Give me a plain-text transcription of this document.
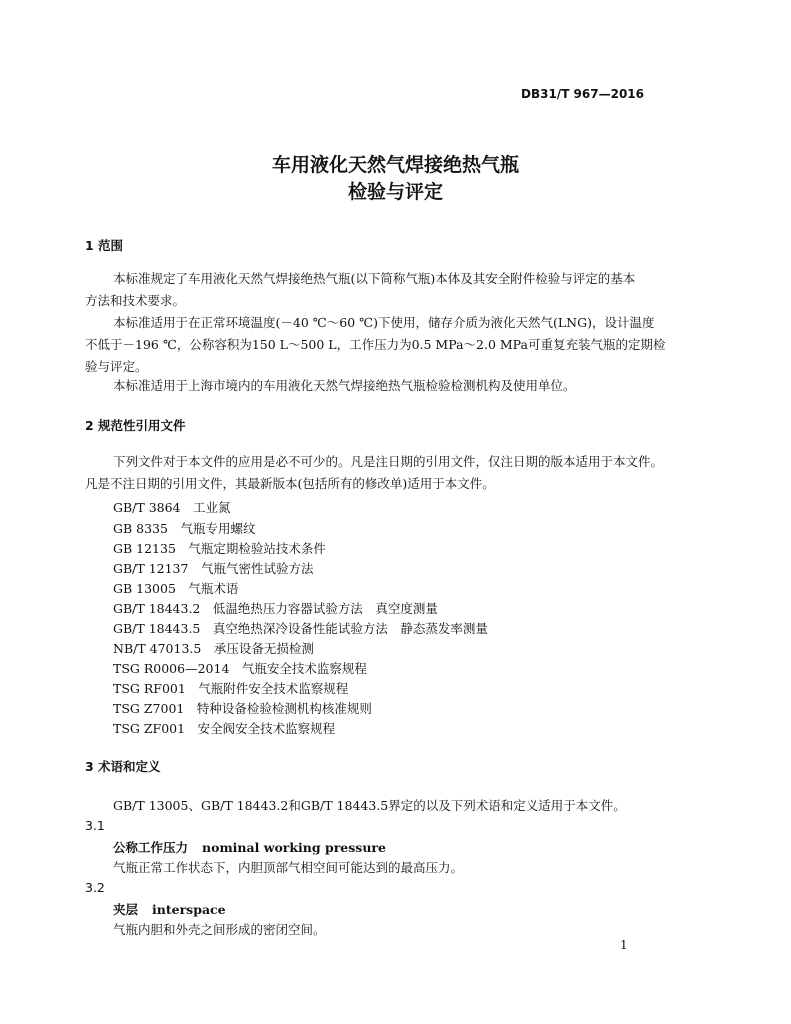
DB31/T 967—2016
车用液化天然气焊接绝热气瓶
检验与评定
1 范围
本标准规定了车用液化天然气焊接绝热气瓶(以下简称气瓶)本体及其安全附件检验与评定的基本
方法和技术要求。
本标准适用于在正常环境温度(－40 ℃～60 ℃)下使用，储存介质为液化天然气(LNG)，设计温度
不低于－196 ℃，公称容积为150 L～500 L，工作压力为0.5 MPa～2.0 MPa可重复充装气瓶的定期检
验与评定。
本标准适用于上海市境内的车用液化天然气焊接绝热气瓶检验检测机构及使用单位。
2 规范性引用文件
下列文件对于本文件的应用是必不可少的。凡是注日期的引用文件，仅注日期的版本适用于本文件。
凡是不注日期的引用文件，其最新版本(包括所有的修改单)适用于本文件。
GB/T 3864　工业氮
GB 8335　气瓶专用螺纹
GB 12135　气瓶定期检验站技术条件
GB/T 12137　气瓶气密性试验方法
GB 13005　气瓶术语
GB/T 18443.2　低温绝热压力容器试验方法　真空度测量
GB/T 18443.5　真空绝热深冷设备性能试验方法　静态蒸发率测量
NB/T 47013.5　承压设备无损检测
TSG R0006—2014　气瓶安全技术监察规程
TSG RF001　气瓶附件安全技术监察规程
TSG Z7001　特种设备检验检测机构核准规则
TSG ZF001　安全阀安全技术监察规程
3 术语和定义
GB/T 13005、GB/T 18443.2和GB/T 18443.5界定的以及下列术语和定义适用于本文件。
3.1
公称工作压力 nominal working pressure
气瓶正常工作状态下，内胆顶部气相空间可能达到的最高压力。
3.2
夹层 interspace
气瓶内胆和外壳之间形成的密闭空间。
1
